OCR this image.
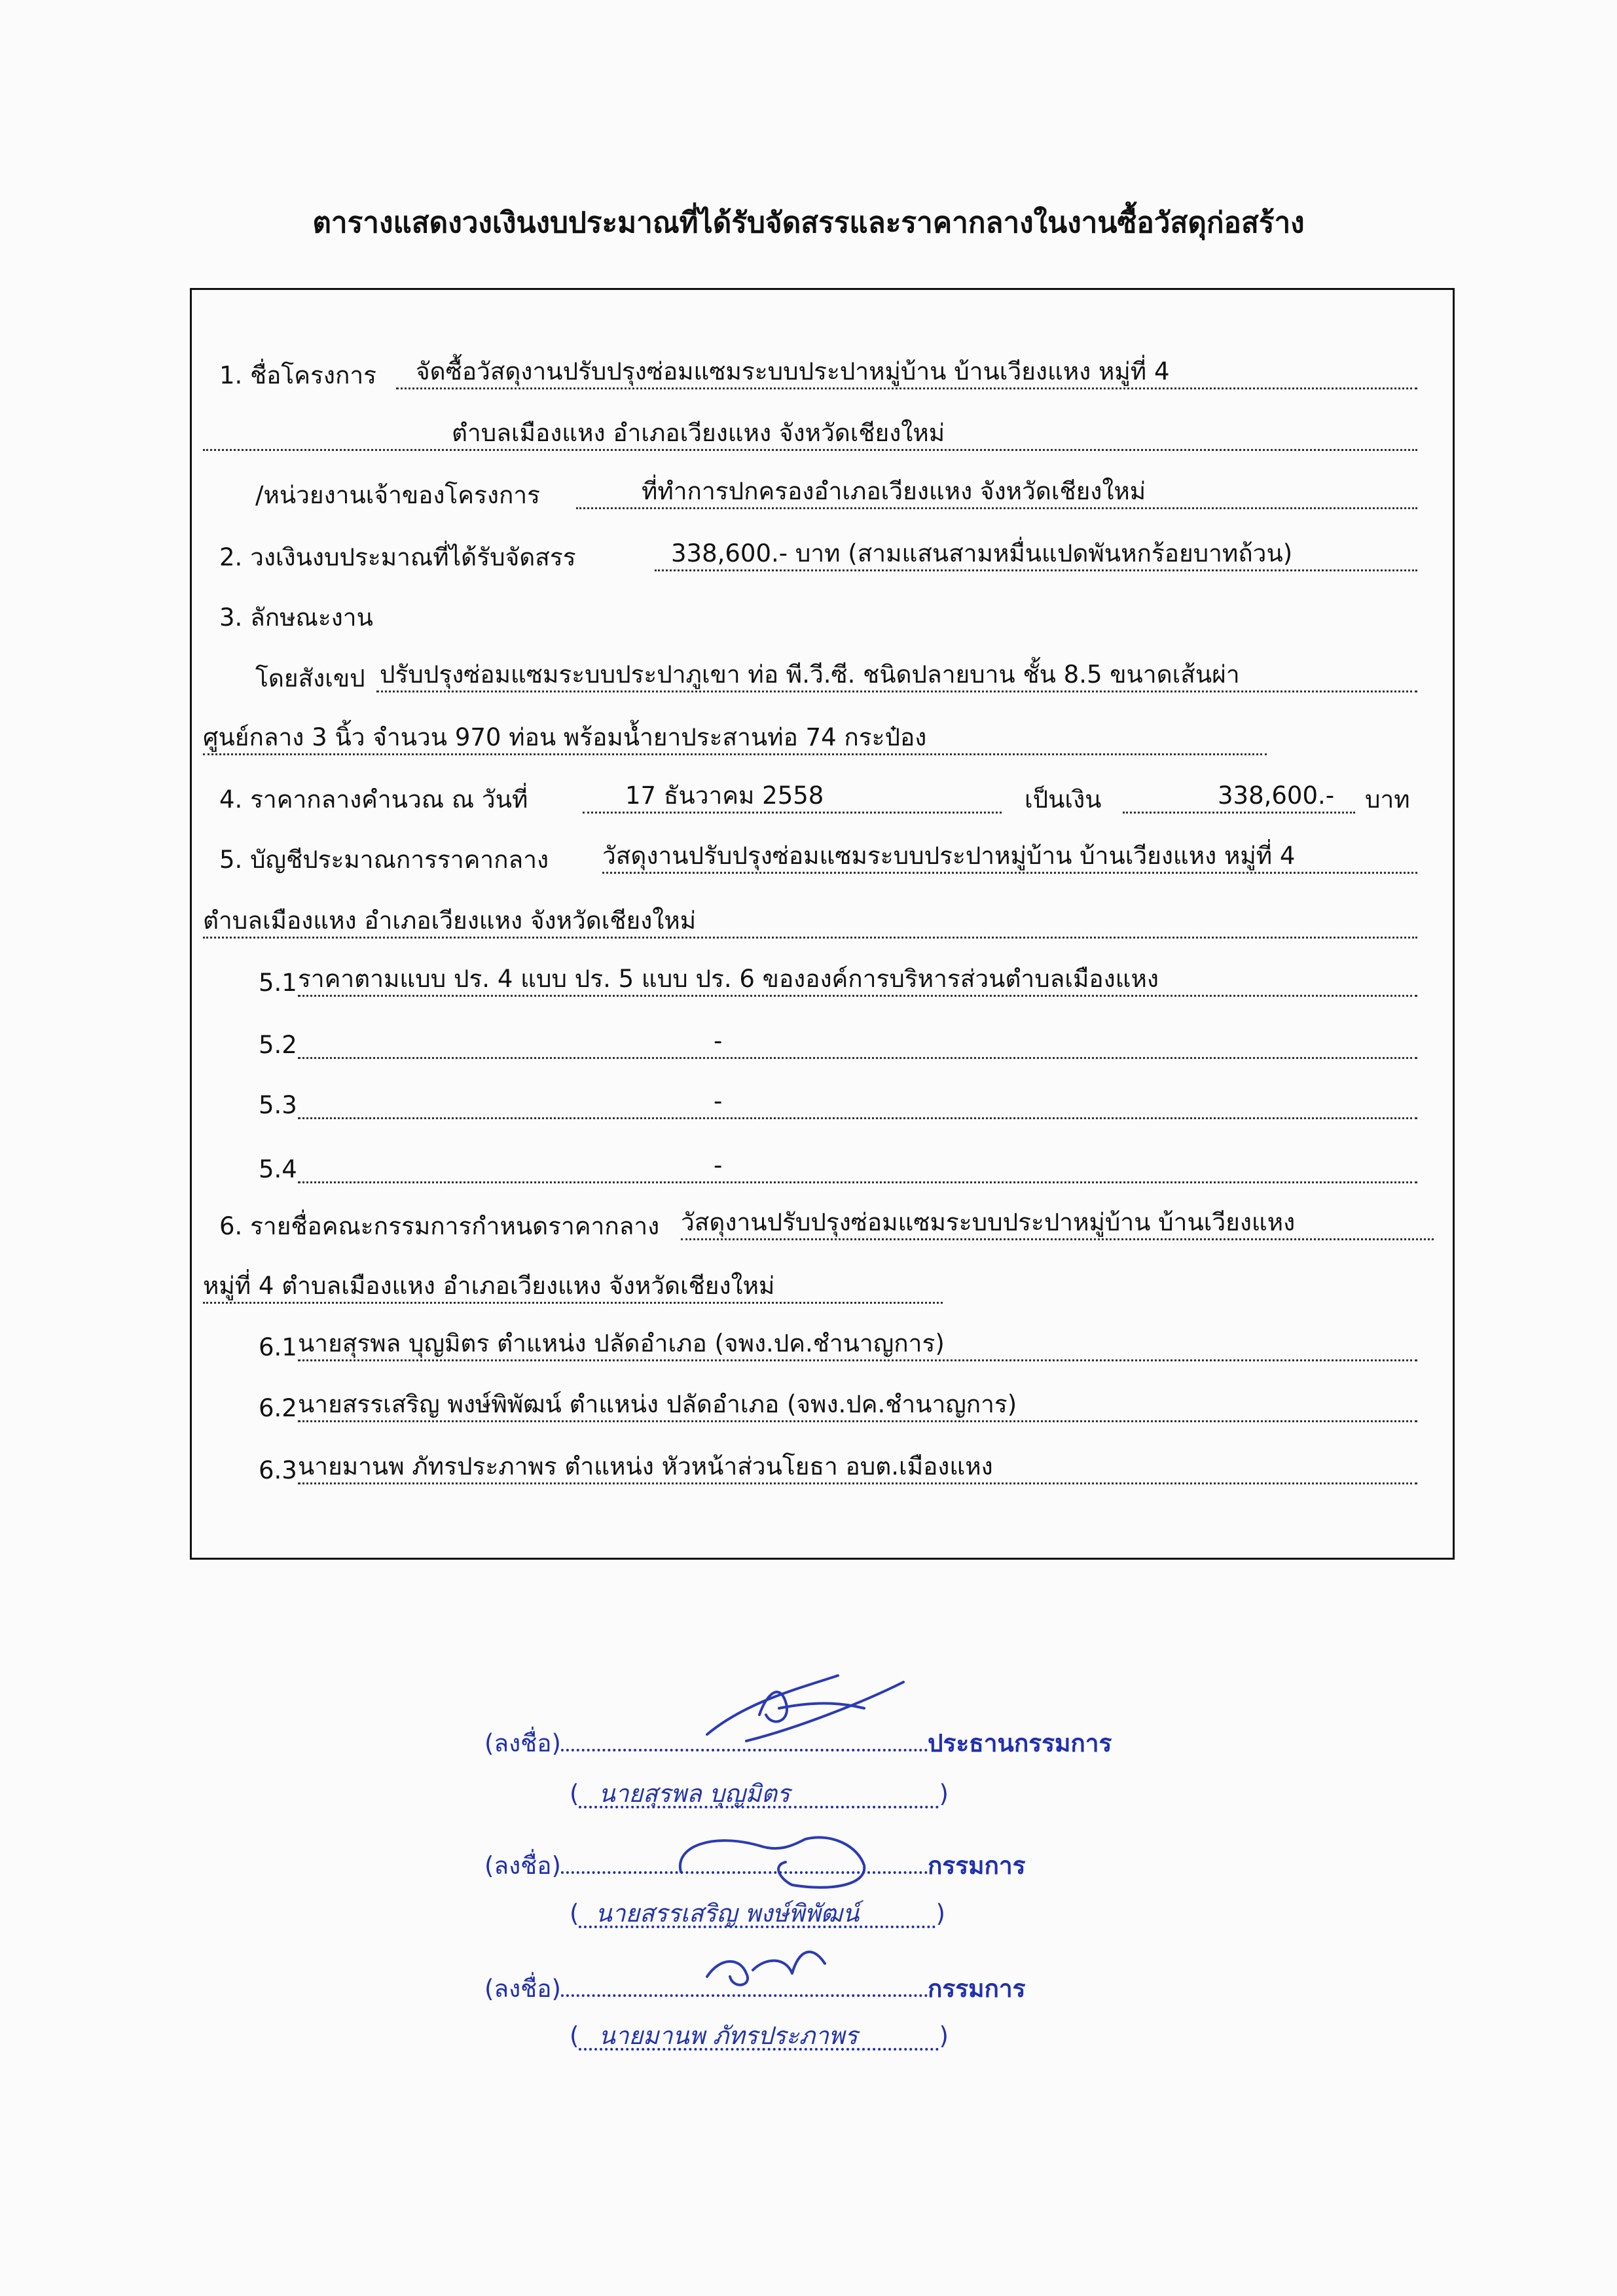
ตารางแสดงวงเงินงบประมาณที่ได้รับจัดสรรและราคากลางในงานซื้อวัสดุก่อสร้าง
1. ชื่อโครงการ	จัดซื้อวัสดุงานปรับปรุงซ่อมแซมระบบประปาหมู่บ้าน บ้านเวียงแหง หมู่ที่ 4
ตำบลเมืองแหง อำเภอเวียงแหง จังหวัดเชียงใหม่
/หน่วยงานเจ้าของโครงการ	ที่ทำการปกครองอำเภอเวียงแหง จังหวัดเชียงใหม่
2. วงเงินงบประมาณที่ได้รับจัดสรร	338,600.- บาท (สามแสนสามหมื่นแปดพันหกร้อยบาทถ้วน)
3. ลักษณะงาน
โดยสังเขป ปรับปรุงซ่อมแซมระบบประปาภูเขา ท่อ พี.วี.ซี. ชนิดปลายบาน ชั้น 8.5 ขนาดเส้นผ่า
ศูนย์กลาง 3 นิ้ว จำนวน 970 ท่อน พร้อมน้ำยาประสานท่อ 74 กระป๋อง
4. ราคากลางคำนวณ ณ วันที่	17 ธันวาคม 2558	เป็นเงิน	338,600.-	บาท
5. บัญชีประมาณการราคากลาง วัสดุงานปรับปรุงซ่อมแซมระบบประปาหมู่บ้าน บ้านเวียงแหง หมู่ที่ 4
ตำบลเมืองแหง อำเภอเวียงแหง จังหวัดเชียงใหม่
5.1 ราคาตามแบบ ปร. 4 แบบ ปร. 5 แบบ ปร. 6 ขององค์การบริหารส่วนตำบลเมืองแหง
5.2	-
5.3	-
5.4	-
6. รายชื่อคณะกรรมการกำหนดราคากลาง วัสดุงานปรับปรุงซ่อมแซมระบบประปาหมู่บ้าน บ้านเวียงแหง
หมู่ที่ 4 ตำบลเมืองแหง อำเภอเวียงแหง จังหวัดเชียงใหม่
6.1 นายสุรพล บุญมิตร ตำแหน่ง ปลัดอำเภอ (จพง.ปค.ชำนาญการ)
6.2 นายสรรเสริญ พงษ์พิพัฒน์ ตำแหน่ง ปลัดอำเภอ (จพง.ปค.ชำนาญการ)
6.3 นายมานพ ภัทรประภาพร ตำแหน่ง หัวหน้าส่วนโยธา อบต.เมืองแหง
(ลงชื่อ)	ประธานกรรมการ
( นายสุรพล บุญมิตร	)
(ลงชื่อ)	กรรมการ
( นายสรรเสริญ พงษ์พิพัฒน์	)
(ลงชื่อ)	กรรมการ
( นายมานพ ภัทรประภาพร	)
